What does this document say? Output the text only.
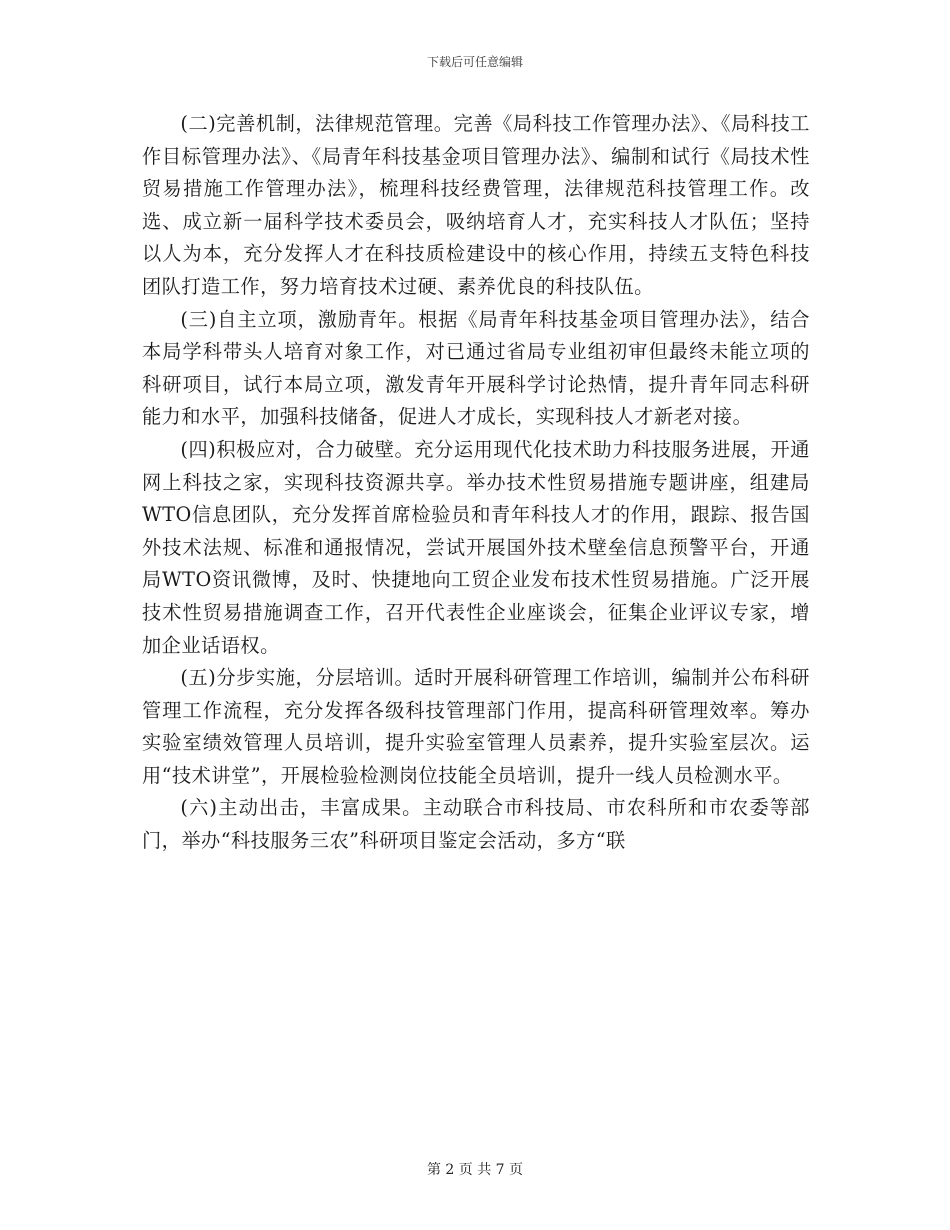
下载后可任意编辑

(二)完善机制，法律规范管理。完善《局科技工作管理办法》、《局科技工作目标管理办法》、《局青年科技基金项目管理办法》、编制和试行《局技术性贸易措施工作管理办法》，梳理科技经费管理，法律规范科技管理工作。改选、成立新一届科学技术委员会，吸纳培育人才，充实科技人才队伍；坚持以人为本，充分发挥人才在科技质检建设中的核心作用，持续五支特色科技团队打造工作，努力培育技术过硬、素养优良的科技队伍。

(三)自主立项，激励青年。根据《局青年科技基金项目管理办法》，结合本局学科带头人培育对象工作，对已通过省局专业组初审但最终未能立项的科研项目，试行本局立项，激发青年开展科学讨论热情，提升青年同志科研能力和水平，加强科技储备，促进人才成长，实现科技人才新老对接。

(四)积极应对，合力破壁。充分运用现代化技术助力科技服务进展，开通网上科技之家，实现科技资源共享。举办技术性贸易措施专题讲座，组建局WTO信息团队，充分发挥首席检验员和青年科技人才的作用，跟踪、报告国外技术法规、标准和通报情况，尝试开展国外技术壁垒信息预警平台，开通局WTO资讯微博，及时、快捷地向工贸企业发布技术性贸易措施。广泛开展技术性贸易措施调查工作，召开代表性企业座谈会，征集企业评议专家，增加企业话语权。

(五)分步实施，分层培训。适时开展科研管理工作培训，编制并公布科研管理工作流程，充分发挥各级科技管理部门作用，提高科研管理效率。筹办实验室绩效管理人员培训，提升实验室管理人员素养，提升实验室层次。运用“技术讲堂”，开展检验检测岗位技能全员培训，提升一线人员检测水平。

(六)主动出击，丰富成果。主动联合市科技局、市农科所和市农委等部门，举办“科技服务三农”科研项目鉴定会活动，多方“联

第 2 页 共 7 页
